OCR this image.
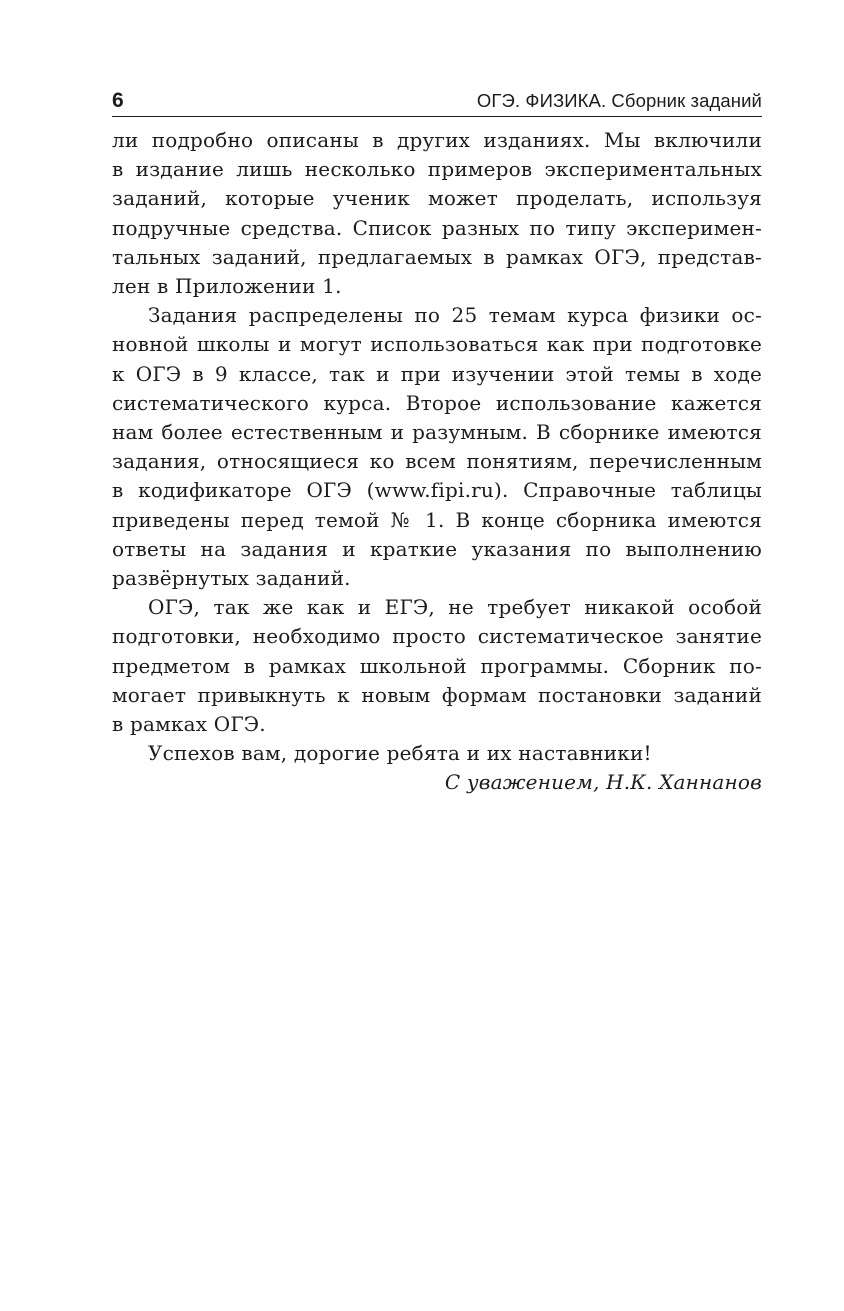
6	ОГЭ. ФИЗИКА. Сборник заданий

ли подробно описаны в других изданиях. Мы включили
в издание лишь несколько примеров экспериментальных
заданий, которые ученик может проделать, используя
подручные средства. Список разных по типу эксперимен-
тальных заданий, предлагаемых в рамках ОГЭ, представ-
лен в Приложении 1.

Задания распределены по 25 темам курса физики ос-
новной школы и могут использоваться как при подготовке
к ОГЭ в 9 классе, так и при изучении этой темы в ходе
систематического курса. Второе использование кажется
нам более естественным и разумным. В сборнике имеются
задания, относящиеся ко всем понятиям, перечисленным
в кодификаторе ОГЭ (www.fipi.ru). Справочные таблицы
приведены перед темой № 1. В конце сборника имеются
ответы на задания и краткие указания по выполнению
развёрнутых заданий.

ОГЭ, так же как и ЕГЭ, не требует никакой особой
подготовки, необходимо просто систематическое занятие
предметом в рамках школьной программы. Сборник по-
могает привыкнуть к новым формам постановки заданий
в рамках ОГЭ.

Успехов вам, дорогие ребята и их наставники!

С уважением, Н.К. Ханнанов
